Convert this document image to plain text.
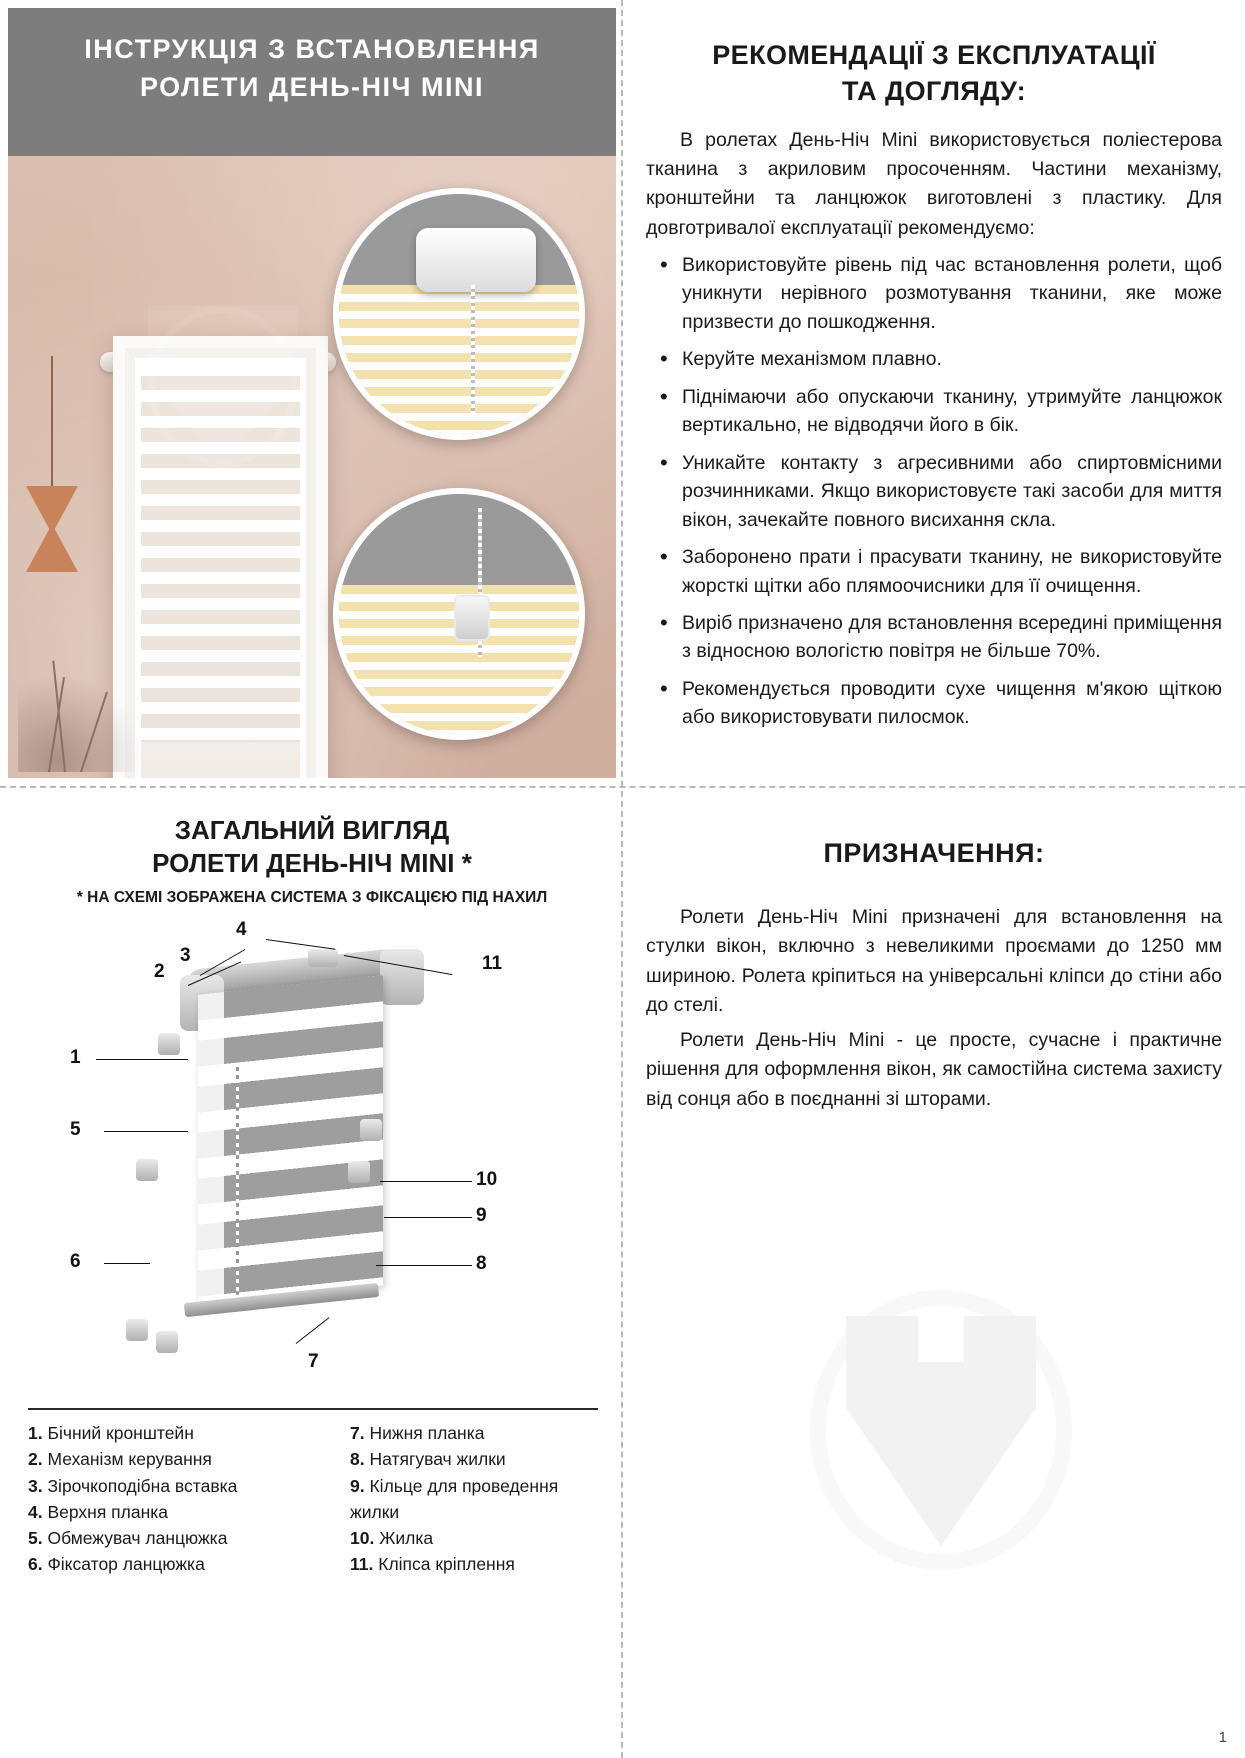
ІНСТРУКЦІЯ З ВСТАНОВЛЕННЯ
РОЛЕТИ ДЕНЬ-НІЧ MINI
РЕКОМЕНДАЦІЇ З ЕКСПЛУАТАЦІЇ
ТА ДОГЛЯДУ:

В ролетах День-Ніч Mini використовується поліестерова тканина з акриловим просоченням. Частини механізму, кронштейни та ланцюжок виготовлені з пластику. Для довготривалої експлуатації рекомендуємо:

• Використовуйте рівень під час встановлення ролети, щоб уникнути нерівного розмотування тканини, яке може призвести до пошкодження.
• Керуйте механізмом плавно.
• Піднімаючи або опускаючи тканину, утримуйте ланцюжок вертикально, не відводячи його в бік.
• Уникайте контакту з агресивними або спиртовмісними розчинниками. Якщо використовуєте такі засоби для миття вікон, зачекайте повного висихання скла.
• Заборонено прати і прасувати тканину, не використовуйте жорсткі щітки або плямоочисники для її очищення.
• Виріб призначено для встановлення всередині приміщення з відносною вологістю повітря не більше 70%.
• Рекомендується проводити сухе чищення м'якою щіткою або використовувати пилосмок.
ЗАГАЛЬНИЙ ВИГЛЯД
РОЛЕТИ ДЕНЬ-НІЧ MINI *
* НА СХЕМІ ЗОБРАЖЕНА СИСТЕМА З ФІКСАЦІЄЮ ПІД НАХИЛ
1
2
3
4
5
6
7
8
9
10
11
1. Бічний кронштейн
2. Механізм керування
3. Зірочкоподібна вставка
4. Верхня планка
5. Обмежувач ланцюжка
6. Фіксатор ланцюжка
7. Нижня планка
8. Натягувач жилки
9. Кільце для проведення жилки
10. Жилка
11. Кліпса кріплення
ПРИЗНАЧЕННЯ:

Ролети День-Ніч Mini призначені для встановлення на стулки вікон, включно з невеликими проємами до 1250 мм шириною. Ролета кріпиться на універсальні кліпси до стіни або до стелі.

Ролети День-Ніч Mini - це просте, сучасне і практичне рішення для оформлення вікон, як самостійна система захисту від сонця або в поєднанні зі шторами.

1
